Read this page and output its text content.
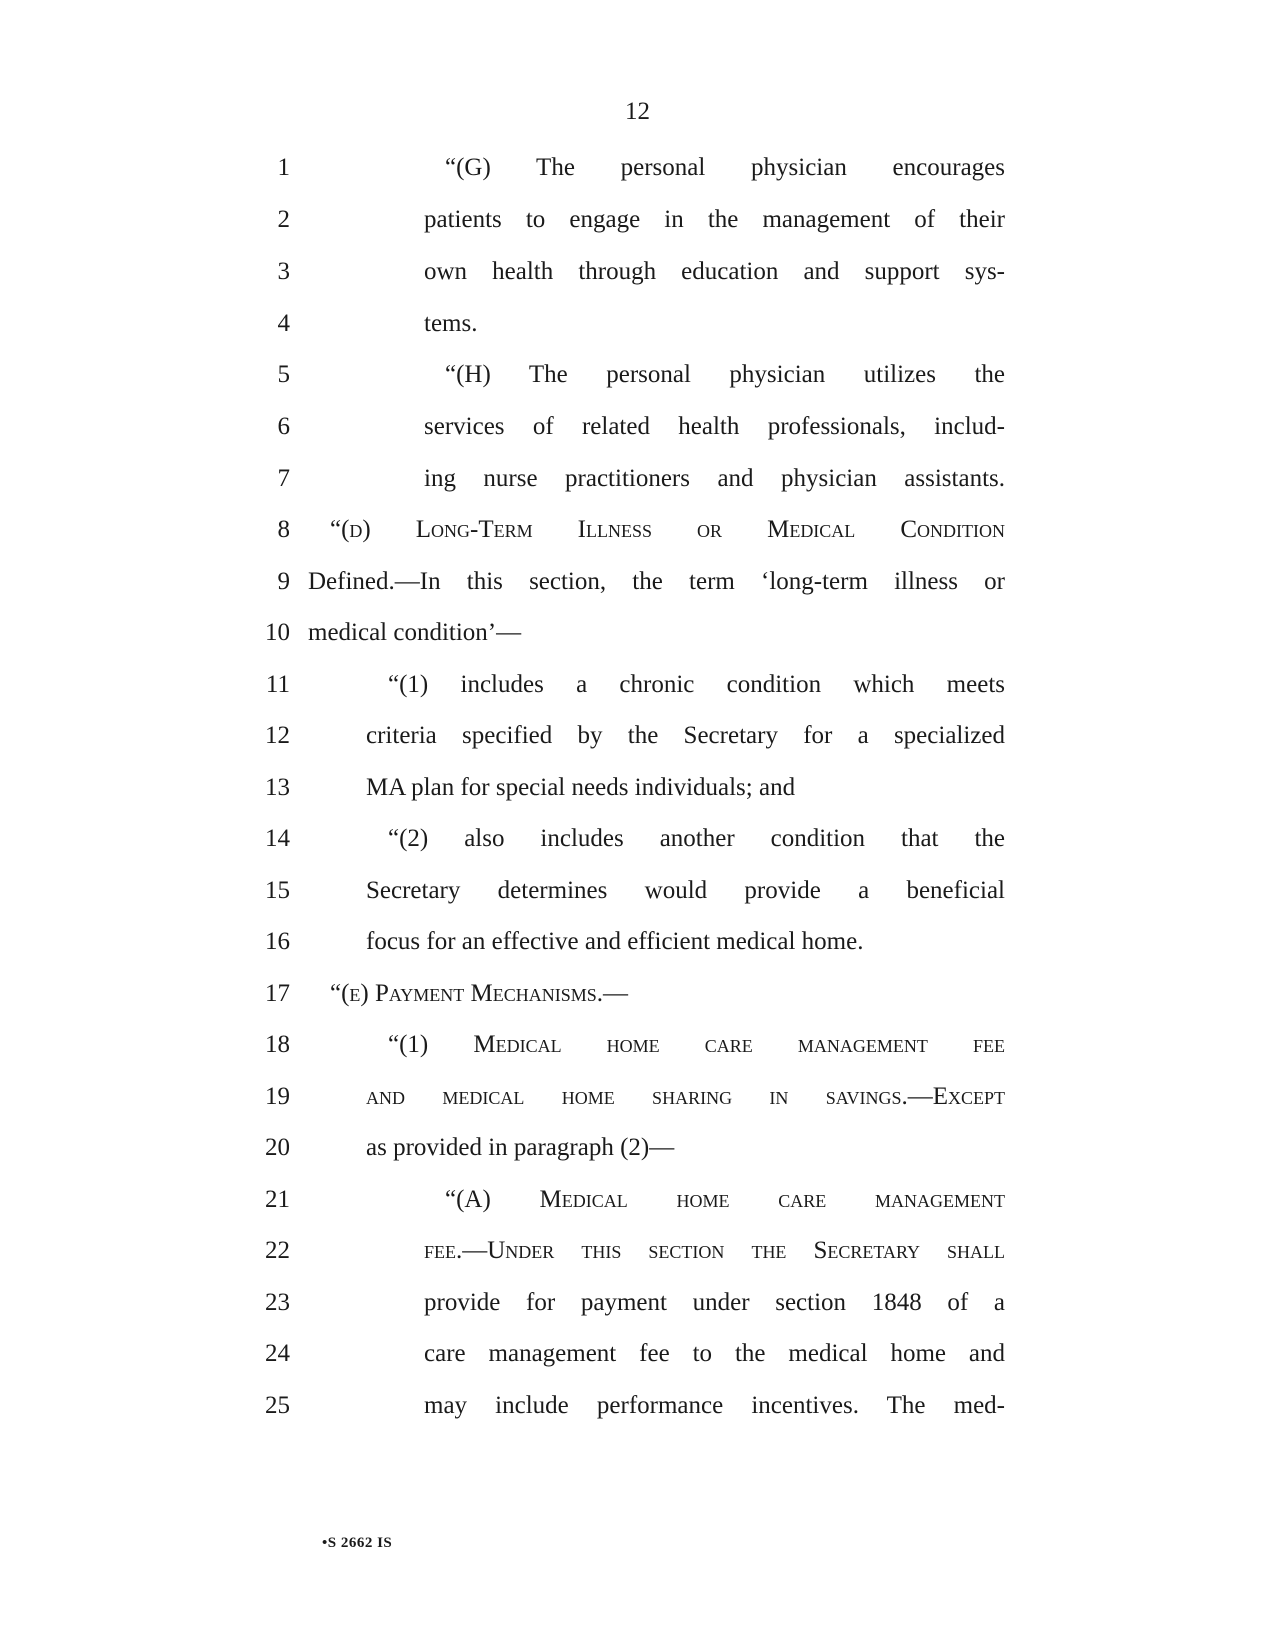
12
1	“(G) The personal physician encourages
2	patients to engage in the management of their
3	own health through education and support sys-
4	tems.
5	“(H) The personal physician utilizes the
6	services of related health professionals, includ-
7	ing nurse practitioners and physician assistants.
8 “(d) Long-Term Illness or Medical Condition
9 Defined.—In this section, the term ‘long-term illness or
10 medical condition’—
11	“(1) includes a chronic condition which meets
12	criteria specified by the Secretary for a specialized
13	MA plan for special needs individuals; and
14	“(2) also includes another condition that the
15	Secretary determines would provide a beneficial
16	focus for an effective and efficient medical home.
17 “(e) Payment Mechanisms.—
18	“(1) Medical home care management fee
19	and medical home sharing in savings.—Except
20	as provided in paragraph (2)—
21	“(A) Medical home care management
22	fee.—Under this section the Secretary shall
23	provide for payment under section 1848 of a
24	care management fee to the medical home and
25	may include performance incentives. The med-
•S 2662 IS
